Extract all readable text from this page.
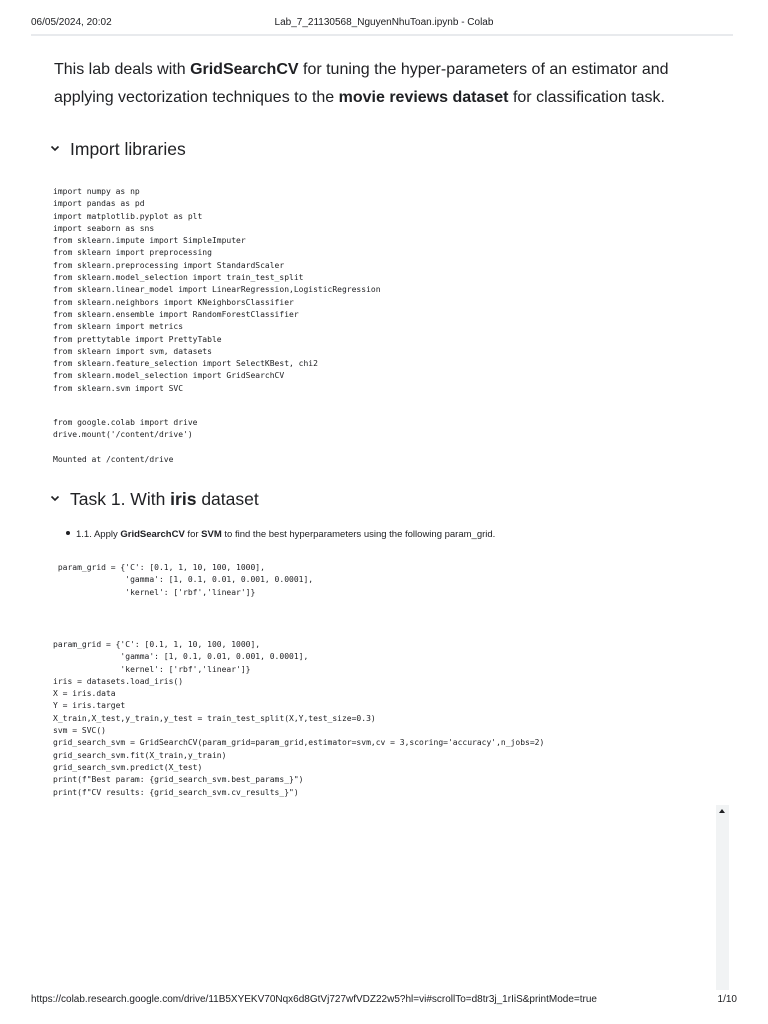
06/05/2024, 20:02	Lab_7_21130568_NguyenNhuToan.ipynb - Colab
This lab deals with GridSearchCV for tuning the hyper-parameters of an estimator and applying vectorization techniques to the movie reviews dataset for classification task.
Import libraries
import numpy as np
import pandas as pd
import matplotlib.pyplot as plt
import seaborn as sns
from sklearn.impute import SimpleImputer
from sklearn import preprocessing
from sklearn.preprocessing import StandardScaler
from sklearn.model_selection import train_test_split
from sklearn.linear_model import LinearRegression,LogisticRegression
from sklearn.neighbors import KNeighborsClassifier
from sklearn.ensemble import RandomForestClassifier
from sklearn import metrics
from prettytable import PrettyTable
from sklearn import svm, datasets
from sklearn.feature_selection import SelectKBest, chi2
from sklearn.model_selection import GridSearchCV
from sklearn.svm import SVC
from google.colab import drive
drive.mount('/content/drive')
Mounted at /content/drive
Task 1. With iris dataset
1.1. Apply GridSearchCV for SVM to find the best hyperparameters using the following param_grid.
param_grid = {'C': [0.1, 1, 10, 100, 1000],
'gamma': [1, 0.1, 0.01, 0.001, 0.0001],
'kernel': ['rbf','linear']}
param_grid = {'C': [0.1, 1, 10, 100, 1000],
'gamma': [1, 0.1, 0.01, 0.001, 0.0001],
'kernel': ['rbf','linear']}
iris = datasets.load_iris()
X = iris.data
Y = iris.target
X_train,X_test,y_train,y_test = train_test_split(X,Y,test_size=0.3)
svm = SVC()
grid_search_svm = GridSearchCV(param_grid=param_grid,estimator=svm,cv = 3,scoring='accuracy',n_jobs=2)
grid_search_svm.fit(X_train,y_train)
grid_search_svm.predict(X_test)
print(f"Best param: {grid_search_svm.best_params_}")
print(f"CV results: {grid_search_svm.cv_results_}")
https://colab.research.google.com/drive/11B5XYEKV70Nqx6d8GtVj727wfVDZ22w5?hl=vi#scrollTo=d8tr3j_1rIiS&printMode=true	1/10
